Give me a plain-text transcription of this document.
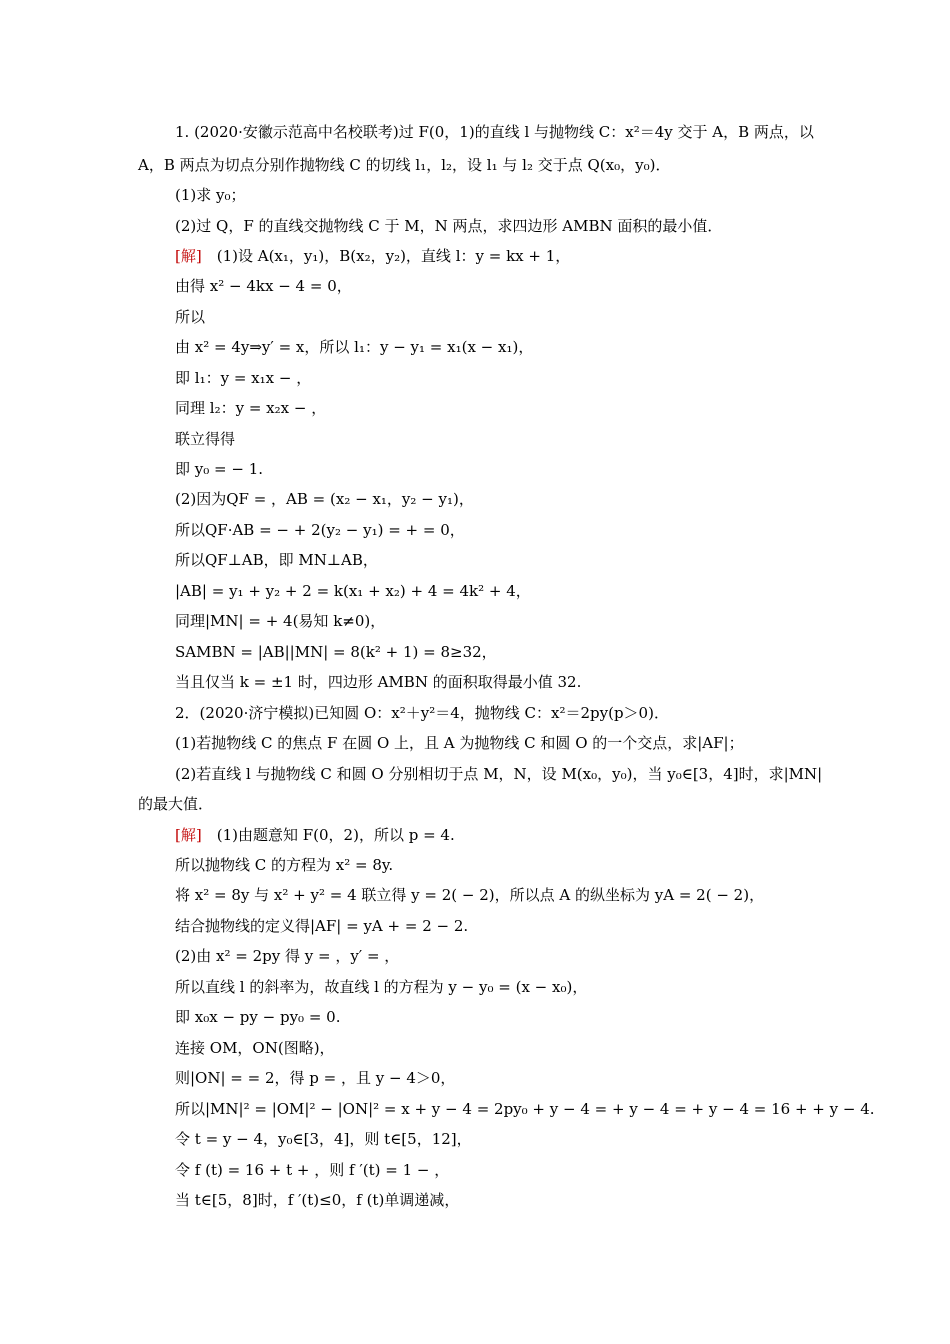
1. (2020·安徽示范高中名校联考)过 F(0，1)的直线 l 与抛物线 C：x²＝4y 交于 A，B 两点，以

A，B 两点为切点分别作抛物线 C 的切线 l₁，l₂，设 l₁ 与 l₂ 交于点 Q(x₀，y₀)．

(1)求 y₀；

(2)过 Q，F 的直线交抛物线 C 于 M，N 两点，求四边形 AMBN 面积的最小值．

[解]　 (1)设 A(x₁，y₁)，B(x₂，y₂)，直线 l：y = kx + 1，

由得 x² − 4kx − 4 = 0，

所以

由 x² = 4y⇒y′ = x，所以 l₁：y − y₁ = x₁(x − x₁)，

即 l₁：y = x₁x − ，

同理 l₂：y = x₂x − ，

联立得得

即 y₀ = − 1.

(2)因为QF = ，AB = (x₂ − x₁，y₂ − y₁)，

所以QF·AB = − + 2(y₂ − y₁) = + = 0，

所以QF⊥AB，即 MN⊥AB，

|AB| = y₁ + y₂ + 2 = k(x₁ + x₂) + 4 = 4k² + 4，

同理|MN| = + 4(易知 k≠0)，

SAMBN = |AB||MN| = 8(k² + 1) = 8≥32，

当且仅当 k = ±1 时，四边形 AMBN 的面积取得最小值 32.

2．(2020·济宁模拟)已知圆 O：x²＋y²＝4，抛物线 C：x²＝2py(p＞0)．

(1)若抛物线 C 的焦点 F 在圆 O 上，且 A 为抛物线 C 和圆 O 的一个交点，求|AF|；

(2)若直线 l 与抛物线 C 和圆 O 分别相切于点 M，N，设 M(x₀，y₀)，当 y₀∈[3，4]时，求|MN|

的最大值．

[解]　 (1)由题意知 F(0，2)，所以 p = 4.

所以抛物线 C 的方程为 x² = 8y.

将 x² = 8y 与 x² + y² = 4 联立得 y = 2( − 2)，所以点 A 的纵坐标为 yA = 2( − 2)，

结合抛物线的定义得|AF| = yA + = 2 − 2.

(2)由 x² = 2py 得 y = ，y′ = ，

所以直线 l 的斜率为，故直线 l 的方程为 y − y₀ = (x − x₀)，

即 x₀x − py − py₀ = 0.

连接 OM，ON(图略)，

则|ON| = = 2，得 p = ，且 y − 4＞0，

所以|MN|² = |OM|² − |ON|² = x + y − 4 = 2py₀ + y − 4 = + y − 4 = + y − 4 = 16 + + y − 4.

令 t = y − 4，y₀∈[3，4]，则 t∈[5，12]，

令 f (t) = 16 + t + ，则 f ′(t) = 1 − ，

当 t∈[5，8]时，f ′(t)≤0，f (t)单调递减，
